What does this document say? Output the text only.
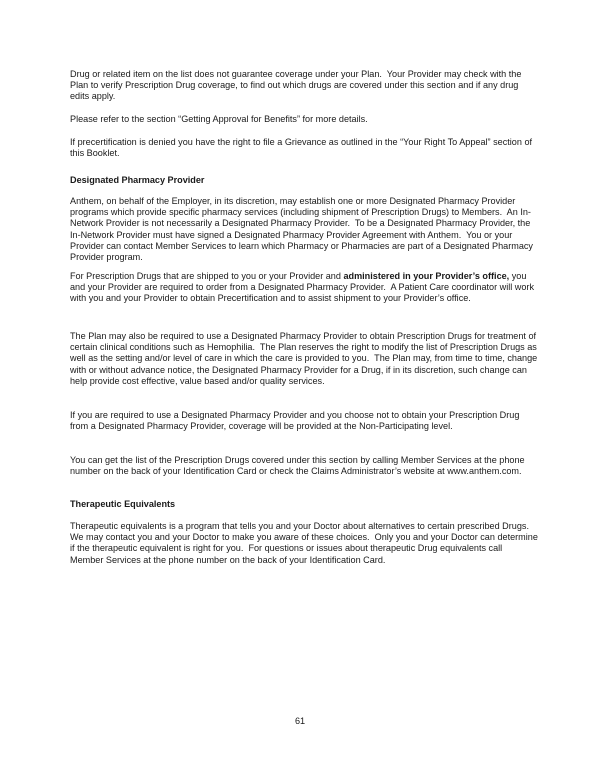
Drug or related item on the list does not guarantee coverage under your Plan.  Your Provider may check with the Plan to verify Prescription Drug coverage, to find out which drugs are covered under this section and if any drug edits apply.

Please refer to the section “Getting Approval for Benefits” for more details.

If precertification is denied you have the right to file a Grievance as outlined in the “Your Right To Appeal” section of this Booklet.

Designated Pharmacy Provider

Anthem, on behalf of the Employer, in its discretion, may establish one or more Designated Pharmacy Provider programs which provide specific pharmacy services (including shipment of Prescription Drugs) to Members.  An In-Network Provider is not necessarily a Designated Pharmacy Provider.  To be a Designated Pharmacy Provider, the In-Network Provider must have signed a Designated Pharmacy Provider Agreement with Anthem.  You or your Provider can contact Member Services to learn which Pharmacy or Pharmacies are part of a Designated Pharmacy Provider program.

For Prescription Drugs that are shipped to you or your Provider and administered in your Provider’s office, you and your Provider are required to order from a Designated Pharmacy Provider.  A Patient Care coordinator will work with you and your Provider to obtain Precertification and to assist shipment to your Provider’s office.

The Plan may also be required to use a Designated Pharmacy Provider to obtain Prescription Drugs for treatment of certain clinical conditions such as Hemophilia.  The Plan reserves the right to modify the list of Prescription Drugs as well as the setting and/or level of care in which the care is provided to you.  The Plan may, from time to time, change with or without advance notice, the Designated Pharmacy Provider for a Drug, if in its discretion, such change can help provide cost effective, value based and/or quality services.

If you are required to use a Designated Pharmacy Provider and you choose not to obtain your Prescription Drug from a Designated Pharmacy Provider, coverage will be provided at the Non-Participating level.

You can get the list of the Prescription Drugs covered under this section by calling Member Services at the phone number on the back of your Identification Card or check the Claims Administrator’s website at www.anthem.com.

Therapeutic Equivalents

Therapeutic equivalents is a program that tells you and your Doctor about alternatives to certain prescribed Drugs.  We may contact you and your Doctor to make you aware of these choices.  Only you and your Doctor can determine if the therapeutic equivalent is right for you.  For questions or issues about therapeutic Drug equivalents call Member Services at the phone number on the back of your Identification Card.

61
